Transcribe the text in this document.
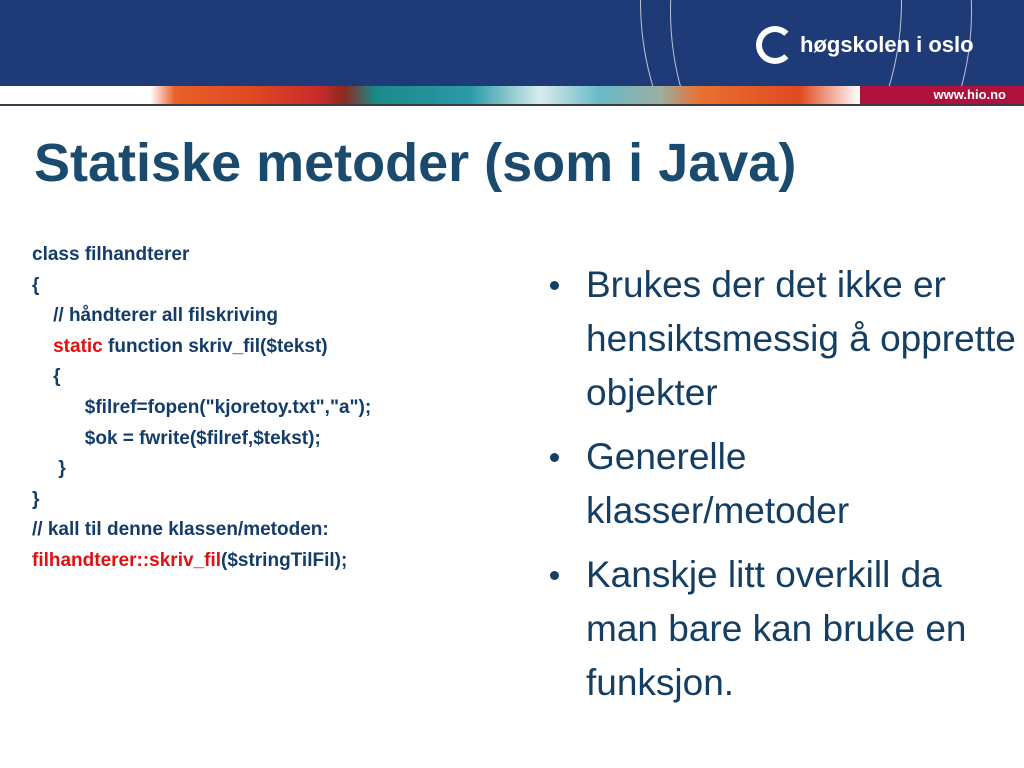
høgskolen i oslo
www.hio.no
Statiske metoder (som i Java)
class filhandterer
{
// håndterer all filskriving
static function skriv_fil($tekst)
{
$filref=fopen("kjoretoy.txt","a");
$ok = fwrite($filref,$tekst);
}
}
// kall til denne klassen/metoden:
filhandterer::skriv_fil($stringTilFil);
Brukes der det ikke er hensiktsmessig å opprette objekter
Generelle klasser/metoder
Kanskje litt overkill da man bare kan bruke en funksjon.
